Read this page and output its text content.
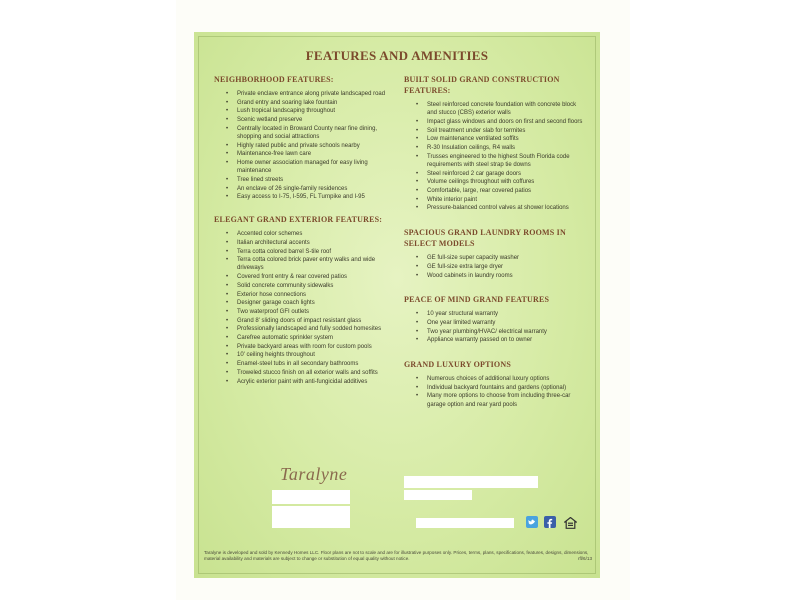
FEATURES AND AMENITIES
NEIGHBORHOOD FEATURES:
• Private enclave entrance along private landscaped road
• Grand entry and soaring lake fountain
• Lush tropical landscaping throughout
• Scenic wetland preserve
• Centrally located in Broward County near fine dining, shopping and social attractions
• Highly rated public and private schools nearby
• Maintenance-free lawn care
• Home owner association managed for easy living maintenance
• Tree lined streets
• An enclave of 26 single-family residences
• Easy access to I-75, I-595, FL Turnpike and I-95
ELEGANT GRAND EXTERIOR FEATURES:
• Accented color schemes
• Italian architectural accents
• Terra cotta colored barrel S-tile roof
• Terra cotta colored brick paver entry walks and wide driveways
• Covered front entry & rear covered patios
• Solid concrete community sidewalks
• Exterior hose connections
• Designer garage coach lights
• Two waterproof GFI outlets
• Grand 8' sliding doors of impact resistant glass
• Professionally landscaped and fully sodded homesites
• Carefree automatic sprinkler system
• Private backyard areas with room for custom pools
• 10' ceiling heights throughout
• Enamel-steel tubs in all secondary bathrooms
• Troweled stucco finish on all exterior walls and soffits
• Acrylic exterior paint with anti-fungicidal additives
BUILT SOLID GRAND CONSTRUCTION FEATURES:
• Steel reinforced concrete foundation with concrete block and stucco (CBS) exterior walls
• Impact glass windows and doors on first and second floors
• Soil treatment under slab for termites
• Low maintenance ventilated soffits
• R-30 Insulation ceilings, R4 walls
• Trusses engineered to the highest South Florida code requirements with steel strap tie downs
• Steel reinforced 2 car garage doors
• Volume ceilings throughout with coffures
• Comfortable, large, rear covered patios
• White interior paint
• Pressure-balanced control valves at shower locations
SPACIOUS GRAND LAUNDRY ROOMS IN SELECT MODELS
• GE full-size super capacity washer
• GE full-size extra large dryer
• Wood cabinets in laundry rooms
PEACE OF MIND GRAND FEATURES
• 10 year structural warranty
• One year limited warranty
• Two year plumbing/HVAC/ electrical warranty
• Appliance warranty passed on to owner
GRAND LUXURY OPTIONS
• Numerous choices of additional luxury options
• Individual backyard fountains and gardens (optional)
• Many more options to choose from including three-car garage option and rear yard pools
Taralyne
Taralyne is developed and sold by Kennedy Homes LLC. Floor plans are not to scale and are for illustrative purposes only. Prices, terms, plans, specifications, features, designs, dimensions, material availability and materials are subject to change or substitution of equal quality without notice.	rfl/6/13
